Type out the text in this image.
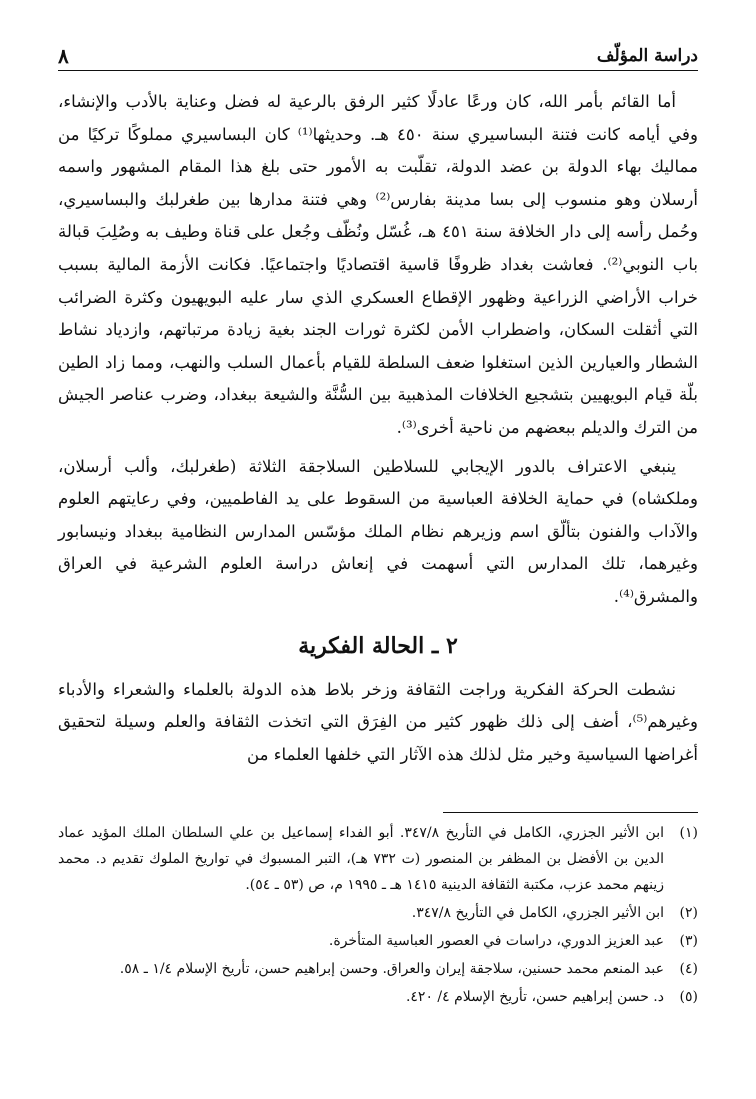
دراسة المؤلّف
٨

أما القائم بأمر الله، كان ورعًا عادلًا كثير الرفق بالرعية له فضل وعناية بالأدب والإنشاء، وفي أيامه كانت فتنة البساسيري سنة ٤٥٠ هـ. وحديثها⁽¹⁾ كان البساسيري مملوكًا تركيًا من مماليك بهاء الدولة بن عضد الدولة، تقلّبت به الأمور حتى بلغ هذا المقام المشهور واسمه أرسلان وهو منسوب إلى بسا مدينة بفارس⁽²⁾ وهي فتنة مدارها بين طغرلبك والبساسيري، وحُمل رأسه إلى دار الخلافة سنة ٤٥١ هـ، غُسّل ونُظّف وجُعل على قناة وطيف به وصُلِبَ قبالة باب النوبي⁽²⁾. فعاشت بغداد ظروفًا قاسية اقتصاديًا واجتماعيًا. فكانت الأزمة المالية بسبب خراب الأراضي الزراعية وظهور الإقطاع العسكري الذي سار عليه البويهيون وكثرة الضرائب التي أثقلت السكان، واضطراب الأمن لكثرة ثورات الجند بغية زيادة مرتباتهم، وازدياد نشاط الشطار والعيارين الذين استغلوا ضعف السلطة للقيام بأعمال السلب والنهب، ومما زاد الطين بلّة قيام البويهيين بتشجيع الخلافات المذهبية بين السُّنَّة والشيعة ببغداد، وضرب عناصر الجيش من الترك والديلم ببعضهم من ناحية أخرى⁽³⁾.

ينبغي الاعتراف بالدور الإيجابي للسلاطين السلاجقة الثلاثة (طغرلبك، وألب أرسلان، وملكشاه) في حماية الخلافة العباسية من السقوط على يد الفاطميين، وفي رعايتهم العلوم والآداب والفنون بتألّق اسم وزيرهم نظام الملك مؤسّس المدارس النظامية ببغداد ونيسابور وغيرهما، تلك المدارس التي أسهمت في إنعاش دراسة العلوم الشرعية في العراق والمشرق⁽⁴⁾.

٢ ـ الحالة الفكرية

نشطت الحركة الفكرية وراجت الثقافة وزخر بلاط هذه الدولة بالعلماء والشعراء والأدباء وغيرهم⁽⁵⁾، أضف إلى ذلك ظهور كثير من الفِرَق التي اتخذت الثقافة والعلم وسيلة لتحقيق أغراضها السياسية وخير مثل لذلك هذه الآثار التي خلفها العلماء من

(١)
ابن الأثير الجزري، الكامل في التأريخ ٣٤٧/٨. أبو الفداء إسماعيل بن علي السلطان الملك المؤيد عماد الدين بن الأفضل بن المظفر بن المنصور (ت ٧٣٢ هـ)، التبر المسبوك في تواريخ الملوك تقديم د. محمد زينهم محمد عزب، مكتبة الثقافة الدينية ١٤١٥ هـ ـ ١٩٩٥ م، ص (٥٣ ـ ٥٤).
(٢)
ابن الأثير الجزري، الكامل في التأريخ ٣٤٧/٨.
(٣)
عبد العزيز الدوري، دراسات في العصور العباسية المتأخرة.
(٤)
عبد المنعم محمد حسنين، سلاجقة إيران والعراق. وحسن إبراهيم حسن، تأريخ الإسلام ١/٤ ـ ٥٨.
(٥)
د. حسن إبراهيم حسن، تأريخ الإسلام ٤/ ٤٢٠.
